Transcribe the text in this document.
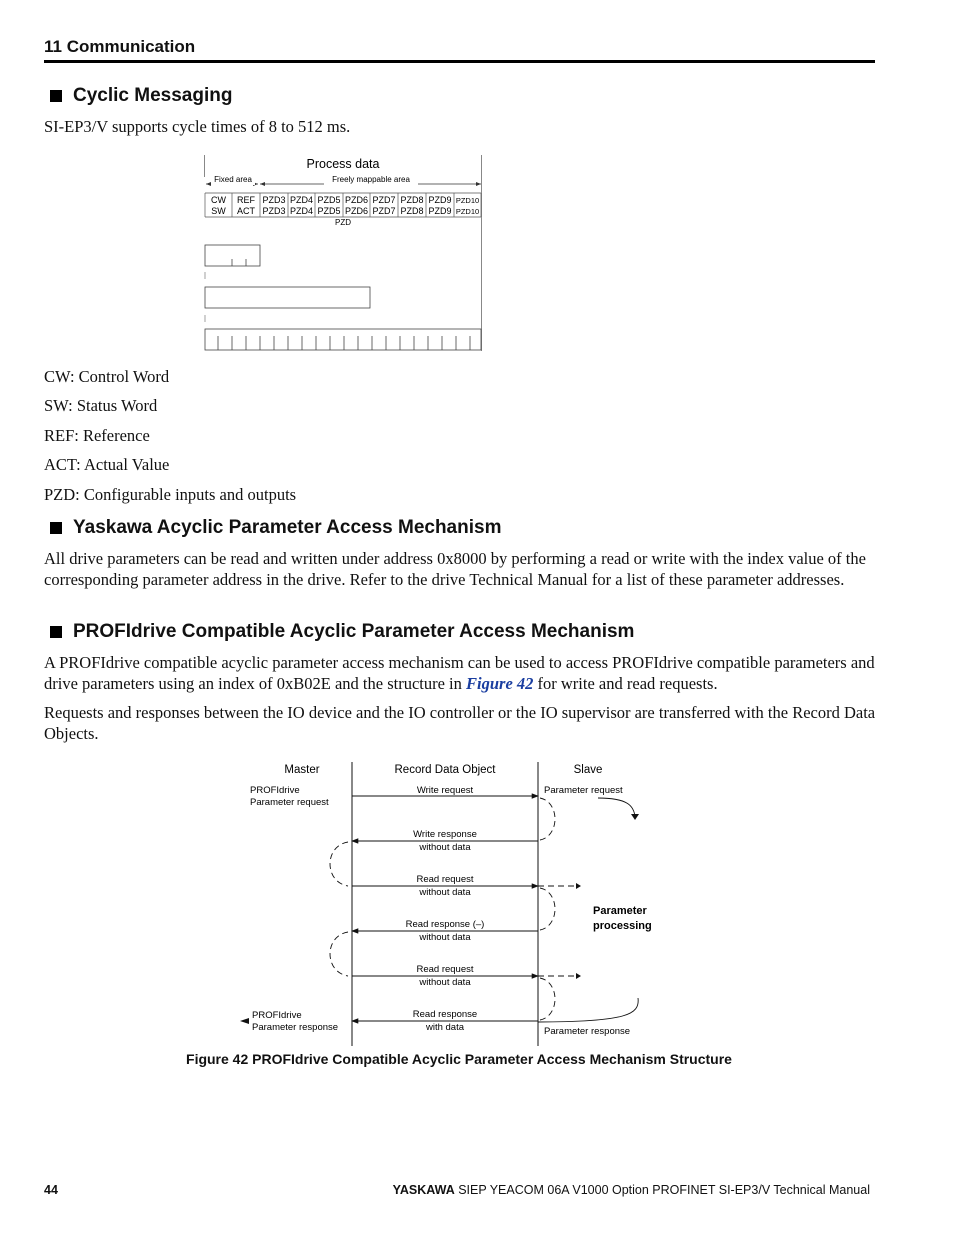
11 Communication
Cyclic Messaging
SI-EP3/V supports cycle times of 8 to 512 ms.
Process data
Fixed area	Freely mappable area
CW REF PZD3 PZD4 PZD5 PZD6 PZD7 PZD8 PZD9 PZD10
SW ACT PZD3 PZD4 PZD5 PZD6 PZD7 PZD8 PZD9 PZD10
PZD
CW: Control Word
SW: Status Word
REF: Reference
ACT: Actual Value
PZD: Configurable inputs and outputs
Yaskawa Acyclic Parameter Access Mechanism
All drive parameters can be read and written under address 0x8000 by performing a read or write with the index value of the corresponding parameter address in the drive. Refer to the drive Technical Manual for a list of these parameter addresses.
PROFIdrive Compatible Acyclic Parameter Access Mechanism
A PROFIdrive compatible acyclic parameter access mechanism can be used to access PROFIdrive compatible parameters and drive parameters using an index of 0xB02E and the structure in Figure 42 for write and read requests.
Requests and responses between the IO device and the IO controller or the IO supervisor are transferred with the Record Data Objects.
Master	Record Data Object	Slave
PROFIdrive
Parameter request
Parameter request
Write request
Write response
without data
Read request
without data
Read response (–)
without data
Read request
without data
Read response
with data
Parameter
processing
PROFIdrive
Parameter response	Parameter response
Figure 42 PROFIdrive Compatible Acyclic Parameter Access Mechanism Structure
44	YASKAWA SIEP YEACOM 06A V1000 Option PROFINET SI-EP3/V Technical Manual
